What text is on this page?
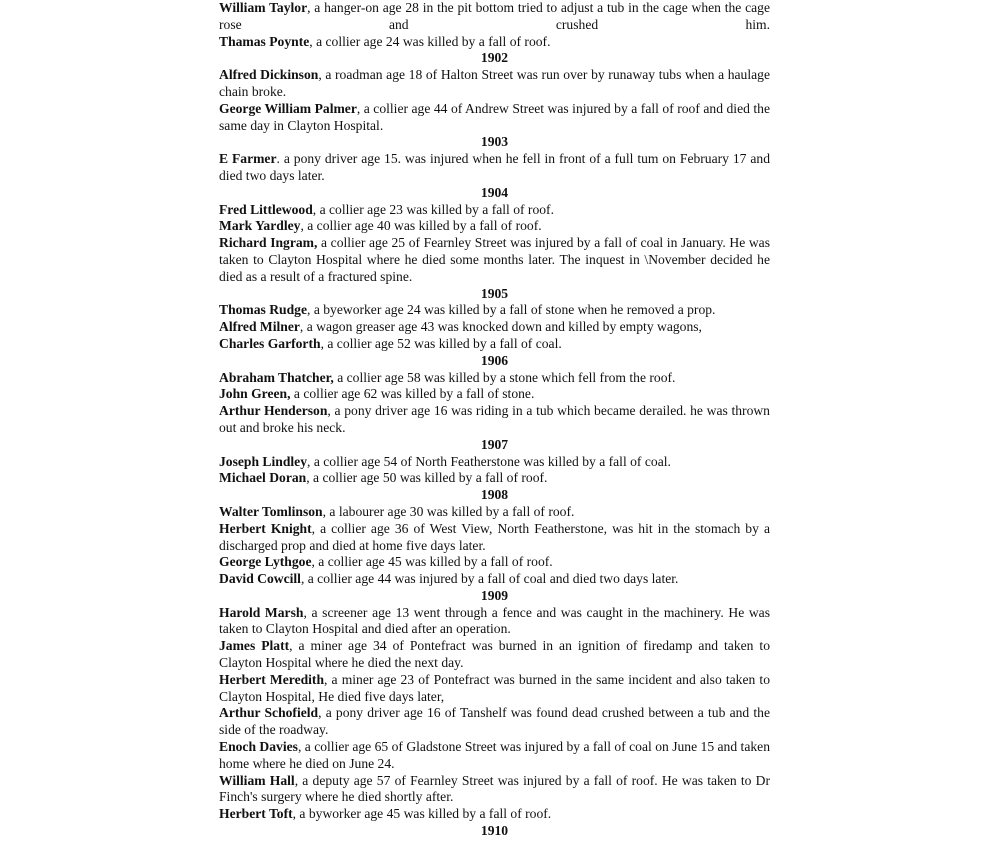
William Taylor, a hanger-on age 28 in the pit bottom tried to adjust a tub in the cage when the cage rose and crushed him.
Thamas Poynte, a collier age 24 was killed by a fall of roof.
1902
Alfred Dickinson, a roadman age 18 of Halton Street was run over by runaway tubs when a haulage chain broke.
George William Palmer, a collier age 44 of Andrew Street was injured by a fall of roof and died the same day in Clayton Hospital.
1903
E Farmer. a pony driver age 15. was injured when he fell in front of a full tum on February 17 and died two days later.
1904
Fred Littlewood, a collier age 23 was killed by a fall of roof.
Mark Yardley, a collier age 40 was killed by a fall of roof.
Richard Ingram, a collier age 25 of Fearnley Street was injured by a fall of coal in January. He was taken to Clayton Hospital where he died some months later. The inquest in \November decided he died as a result of a fractured spine.
1905
Thomas Rudge, a byeworker age 24 was killed by a fall of stone when he removed a prop.
Alfred Milner, a wagon greaser age 43 was knocked down and killed by empty wagons,
Charles Garforth, a collier age 52 was killed by a fall of coal.
1906
Abraham Thatcher, a collier age 58 was killed by a stone which fell from the roof.
John Green, a collier age 62 was killed by a fall of stone.
Arthur Henderson, a pony driver age 16 was riding in a tub which became derailed. he was thrown out and broke his neck.
1907
Joseph Lindley, a collier age 54 of North Featherstone was killed by a fall of coal.
Michael Doran, a collier age 50 was killed by a fall of roof.
1908
Walter Tomlinson, a labourer age 30 was killed by a fall of roof.
Herbert Knight, a collier age 36 of West View, North Featherstone, was hit in the stomach by a discharged prop and died at home five days later.
George Lythgoe, a collier age 45 was killed by a fall of roof.
David Cowcill, a collier age 44 was injured by a fall of coal and died two days later.
1909
Harold Marsh, a screener age 13 went through a fence and was caught in the machinery. He was taken to Clayton Hospital and died after an operation.
James Platt, a miner age 34 of Pontefract was burned in an ignition of firedamp and taken to Clayton Hospital where he died the next day.
Herbert Meredith, a miner age 23 of Pontefract was burned in the same incident and also taken to Clayton Hospital, He died five days later,
Arthur Schofield, a pony driver age 16 of Tanshelf was found dead crushed between a tub and the side of the roadway.
Enoch Davies, a collier age 65 of Gladstone Street was injured by a fall of coal on June 15 and taken home where he died on June 24.
William Hall, a deputy age 57 of Fearnley Street was injured by a fall of roof. He was taken to Dr Finch's surgery where he died shortly after.
Herbert Toft, a byworker age 45 was killed by a fall of roof.
1910
